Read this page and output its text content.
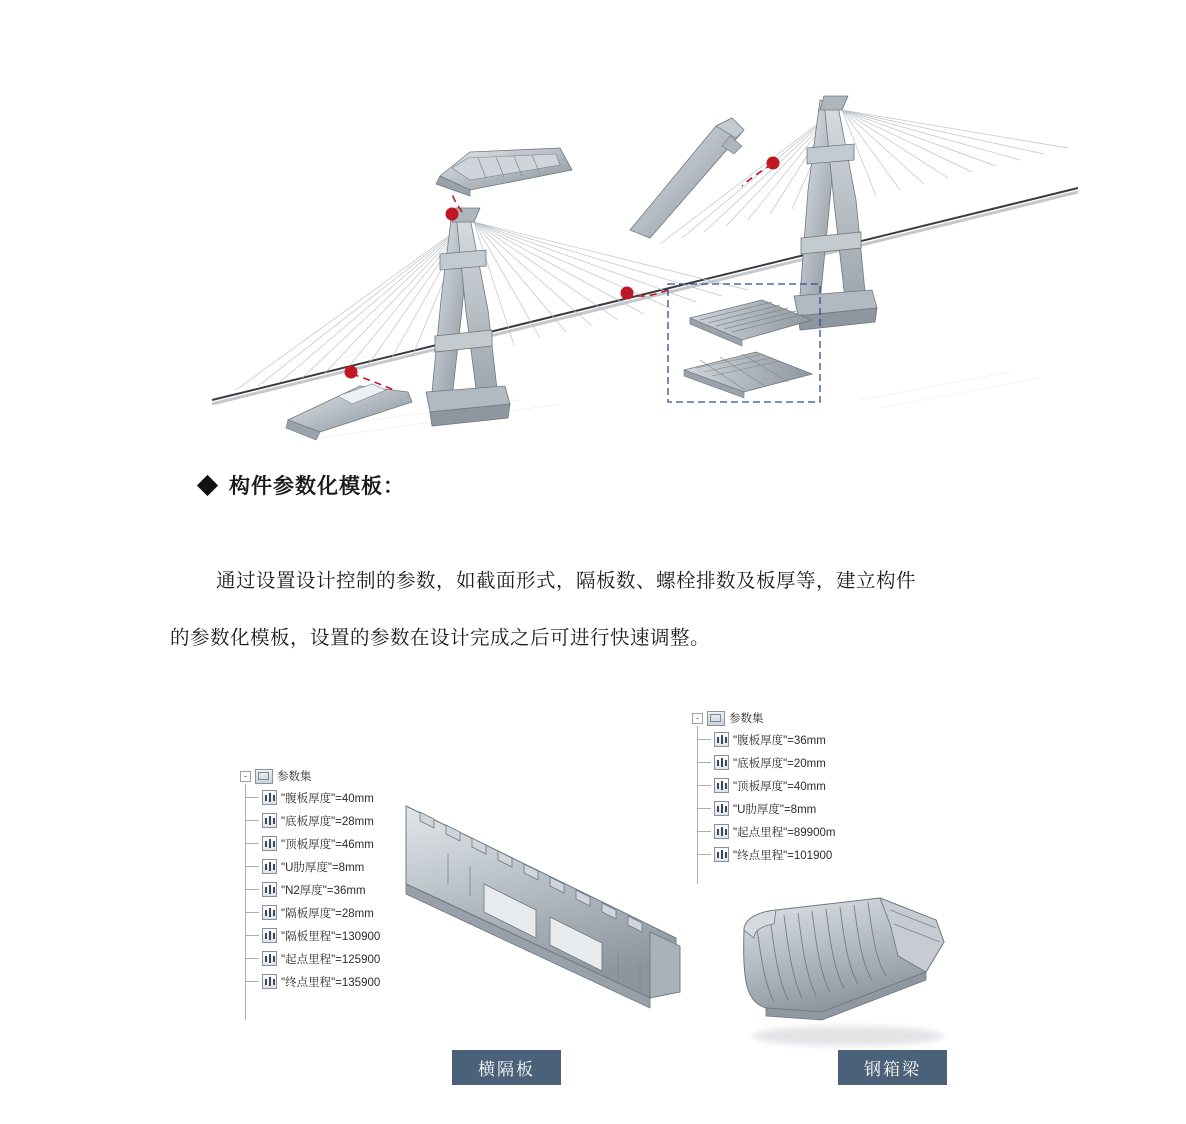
构件参数化模板：
通过设置设计控制的参数，如截面形式，隔板数、螺栓排数及板厚等，建立构件
的参数化模板，设置的参数在设计完成之后可进行快速调整。
-	参数集
"腹板厚度"=40mm
"底板厚度"=28mm
"顶板厚度"=46mm
"U肋厚度"=8mm
"N2厚度"=36mm
"隔板厚度"=28mm
"隔板里程"=130900
"起点里程"=125900
"终点里程"=135900
横隔板
-	参数集
"腹板厚度"=36mm
"底板厚度"=20mm
"顶板厚度"=40mm
"U肋厚度"=8mm
"起点里程"=89900m
"终点里程"=101900
钢箱梁
